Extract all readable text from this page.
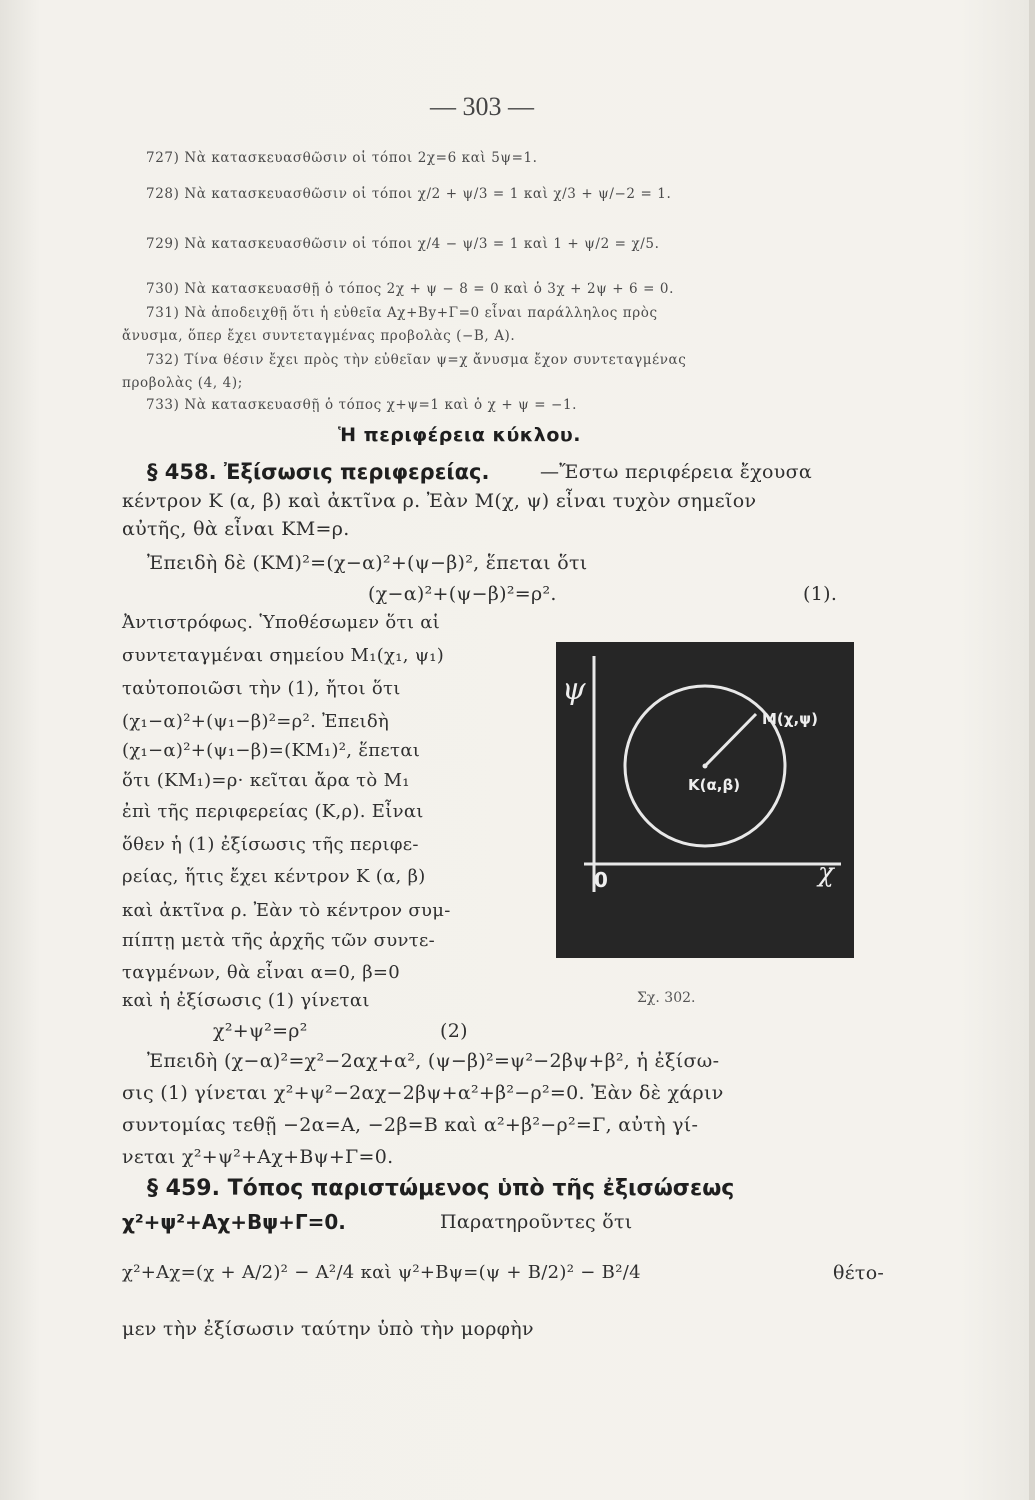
— 303 —
727) Νὰ κατασκευασθῶσιν οἱ τόποι 2χ=6 καὶ 5ψ=1.
728) Νὰ κατασκευασθῶσιν οἱ τόποι χ/2 + ψ/3 = 1 καὶ χ/3 + ψ/−2 = 1.
729) Νὰ κατασκευασθῶσιν οἱ τόποι χ/4 − ψ/3 = 1 καὶ 1 + ψ/2 = χ/5.
730) Νὰ κατασκευασθῇ ὁ τόπος 2χ + ψ − 8 = 0 καὶ ὁ 3χ + 2ψ + 6 = 0.
731) Νὰ ἀποδειχθῇ ὅτι ἡ εὐθεῖα Αχ+Βy+Γ=0 εἶναι παράλληλος πρὸς
ἄνυσμα, ὅπερ ἔχει συντεταγμένας προβολὰς (−Β, Α).
732) Τίνα θέσιν ἔχει πρὸς τὴν εὐθεῖαν ψ=χ ἄνυσμα ἔχον συντεταγμένας
προβολὰς (4, 4);
733) Νὰ κατασκευασθῇ ὁ τόπος χ+ψ=1 καὶ ὁ χ + ψ = −1.
Ἡ περιφέρεια κύκλου.
§ 458. Ἐξίσωσις περιφερείας.	—Ἔστω περιφέρεια ἔχουσα
κέντρον Κ (α, β) καὶ ἀκτῖνα ρ. Ἐὰν Μ(χ, ψ) εἶναι τυχὸν σημεῖον
αὐτῆς, θὰ εἶναι ΚΜ=ρ.
Ἐπειδὴ δὲ (ΚΜ)²=(χ−α)²+(ψ−β)², ἕπεται ὅτι
(χ−α)²+(ψ−β)²=ρ².	(1).
Ἀντιστρόφως. Ὑποθέσωμεν ὅτι αἱ
συντεταγμέναι σημείου Μ₁(χ₁, ψ₁)
ταὐτοποιῶσι τὴν (1), ἤτοι ὅτι
(χ₁−α)²+(ψ₁−β)²=ρ². Ἐπειδὴ
(χ₁−α)²+(ψ₁−β)=(ΚΜ₁)², ἕπεται
ὅτι (ΚΜ₁)=ρ· κεῖται ἄρα τὸ Μ₁
ἐπὶ τῆς περιφερείας (Κ,ρ). Εἶναι
ὅθεν ἡ (1) ἐξίσωσις τῆς περιφε-
ρείας, ἥτις ἔχει κέντρον Κ (α, β)
καὶ ἀκτῖνα ρ. Ἐὰν τὸ κέντρον συμ-
πίπτῃ μετὰ τῆς ἀρχῆς τῶν συντε-
ταγμένων, θὰ εἶναι α=0, β=0
καὶ ἡ ἐξίσωσις (1) γίνεται
χ²+ψ²=ρ²	(2)
ψ
χ
0
Κ(α,β)
Μ(χ,ψ)
Σχ. 302.
Ἐπειδὴ (χ−α)²=χ²−2αχ+α², (ψ−β)²=ψ²−2βψ+β², ἡ ἐξίσω-
σις (1) γίνεται χ²+ψ²−2αχ−2βψ+α²+β²−ρ²=0. Ἐὰν δὲ χάριν
συντομίας τεθῇ −2α=Α, −2β=Β καὶ α²+β²−ρ²=Γ, αὐτὴ γί-
νεται χ²+ψ²+Αχ+Βψ+Γ=0.
§ 459. Τόπος παριστώμενος ὑπὸ τῆς ἐξισώσεως
χ²+ψ²+Αχ+Βψ+Γ=0.	Παρατηροῦντες ὅτι
χ²+Αχ=(χ + Α/2)² − Α²/4 καὶ ψ²+Βψ=(ψ + Β/2)² − Β²/4	θέτο-
μεν τὴν ἐξίσωσιν ταύτην ὑπὸ τὴν μορφὴν
